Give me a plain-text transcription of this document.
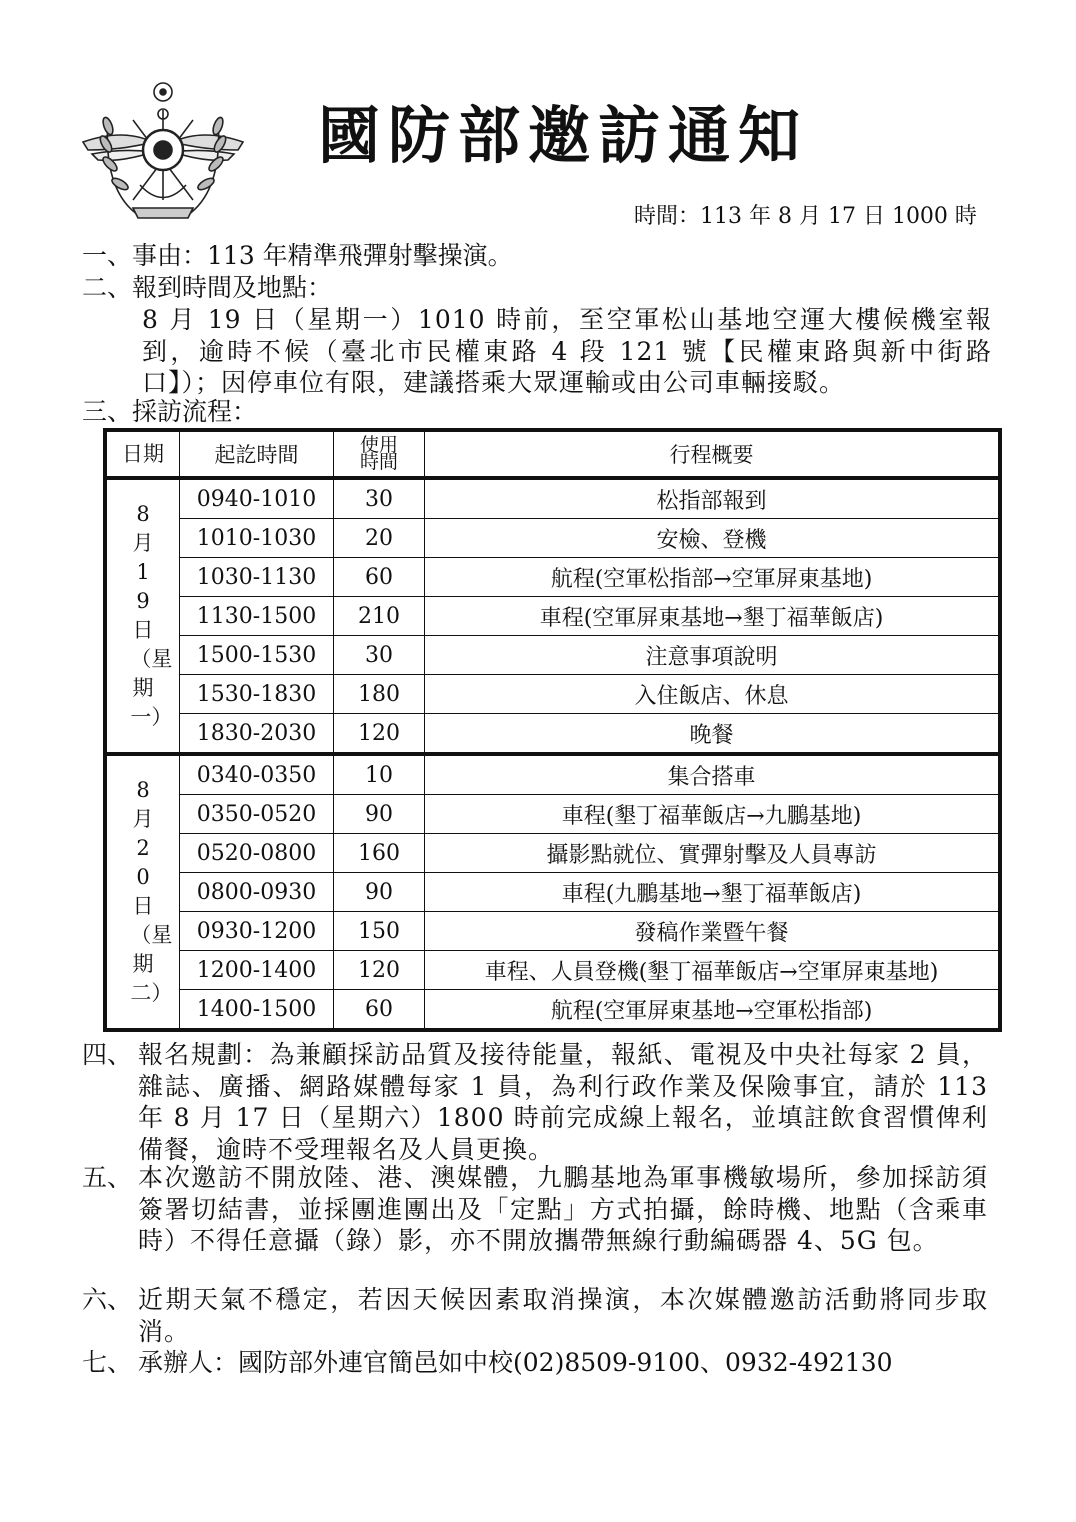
國防部邀訪通知
時間：113 年 8 月 17 日 1000 時
一、事由：113 年精準飛彈射擊操演。
二、報到時間及地點：
8 月 19 日（星期一）1010 時前，至空軍松山基地空運大樓候機室報到，逾時不候（臺北市民權東路 4 段 121 號【民權東路與新中街路口】）；因停車位有限，建議搭乘大眾運輸或由公司車輛接駁。
三、採訪流程：
日期	起訖時間	使用時間	行程概要
8月19日（星期一）	0940-1010	30	松指部報到
	1010-1030	20	安檢、登機
	1030-1130	60	航程(空軍松指部→空軍屏東基地)
	1130-1500	210	車程(空軍屏東基地→墾丁福華飯店)
	1500-1530	30	注意事項說明
	1530-1830	180	入住飯店、休息
	1830-2030	120	晚餐
8月20日（星期二）	0340-0350	10	集合搭車
	0350-0520	90	車程(墾丁福華飯店→九鵬基地)
	0520-0800	160	攝影點就位、實彈射擊及人員專訪
	0800-0930	90	車程(九鵬基地→墾丁福華飯店)
	0930-1200	150	發稿作業暨午餐
	1200-1400	120	車程、人員登機(墾丁福華飯店→空軍屏東基地)
	1400-1500	60	航程(空軍屏東基地→空軍松指部)
四、 報名規劃：為兼顧採訪品質及接待能量，報紙、電視及中央社每家 2 員，雜誌、廣播、網路媒體每家 1 員，為利行政作業及保險事宜，請於 113 年 8 月 17 日（星期六）1800 時前完成線上報名，並填註飲食習慣俾利備餐，逾時不受理報名及人員更換。
五、 本次邀訪不開放陸、港、澳媒體，九鵬基地為軍事機敏場所，參加採訪須簽署切結書，並採團進團出及「定點」方式拍攝，餘時機、地點（含乘車時）不得任意攝（錄）影，亦不開放攜帶無線行動編碼器 4、5G 包。
六、 近期天氣不穩定，若因天候因素取消操演，本次媒體邀訪活動將同步取消。
七、 承辦人：國防部外連官簡邑如中校(02)8509-9100、0932-492130
